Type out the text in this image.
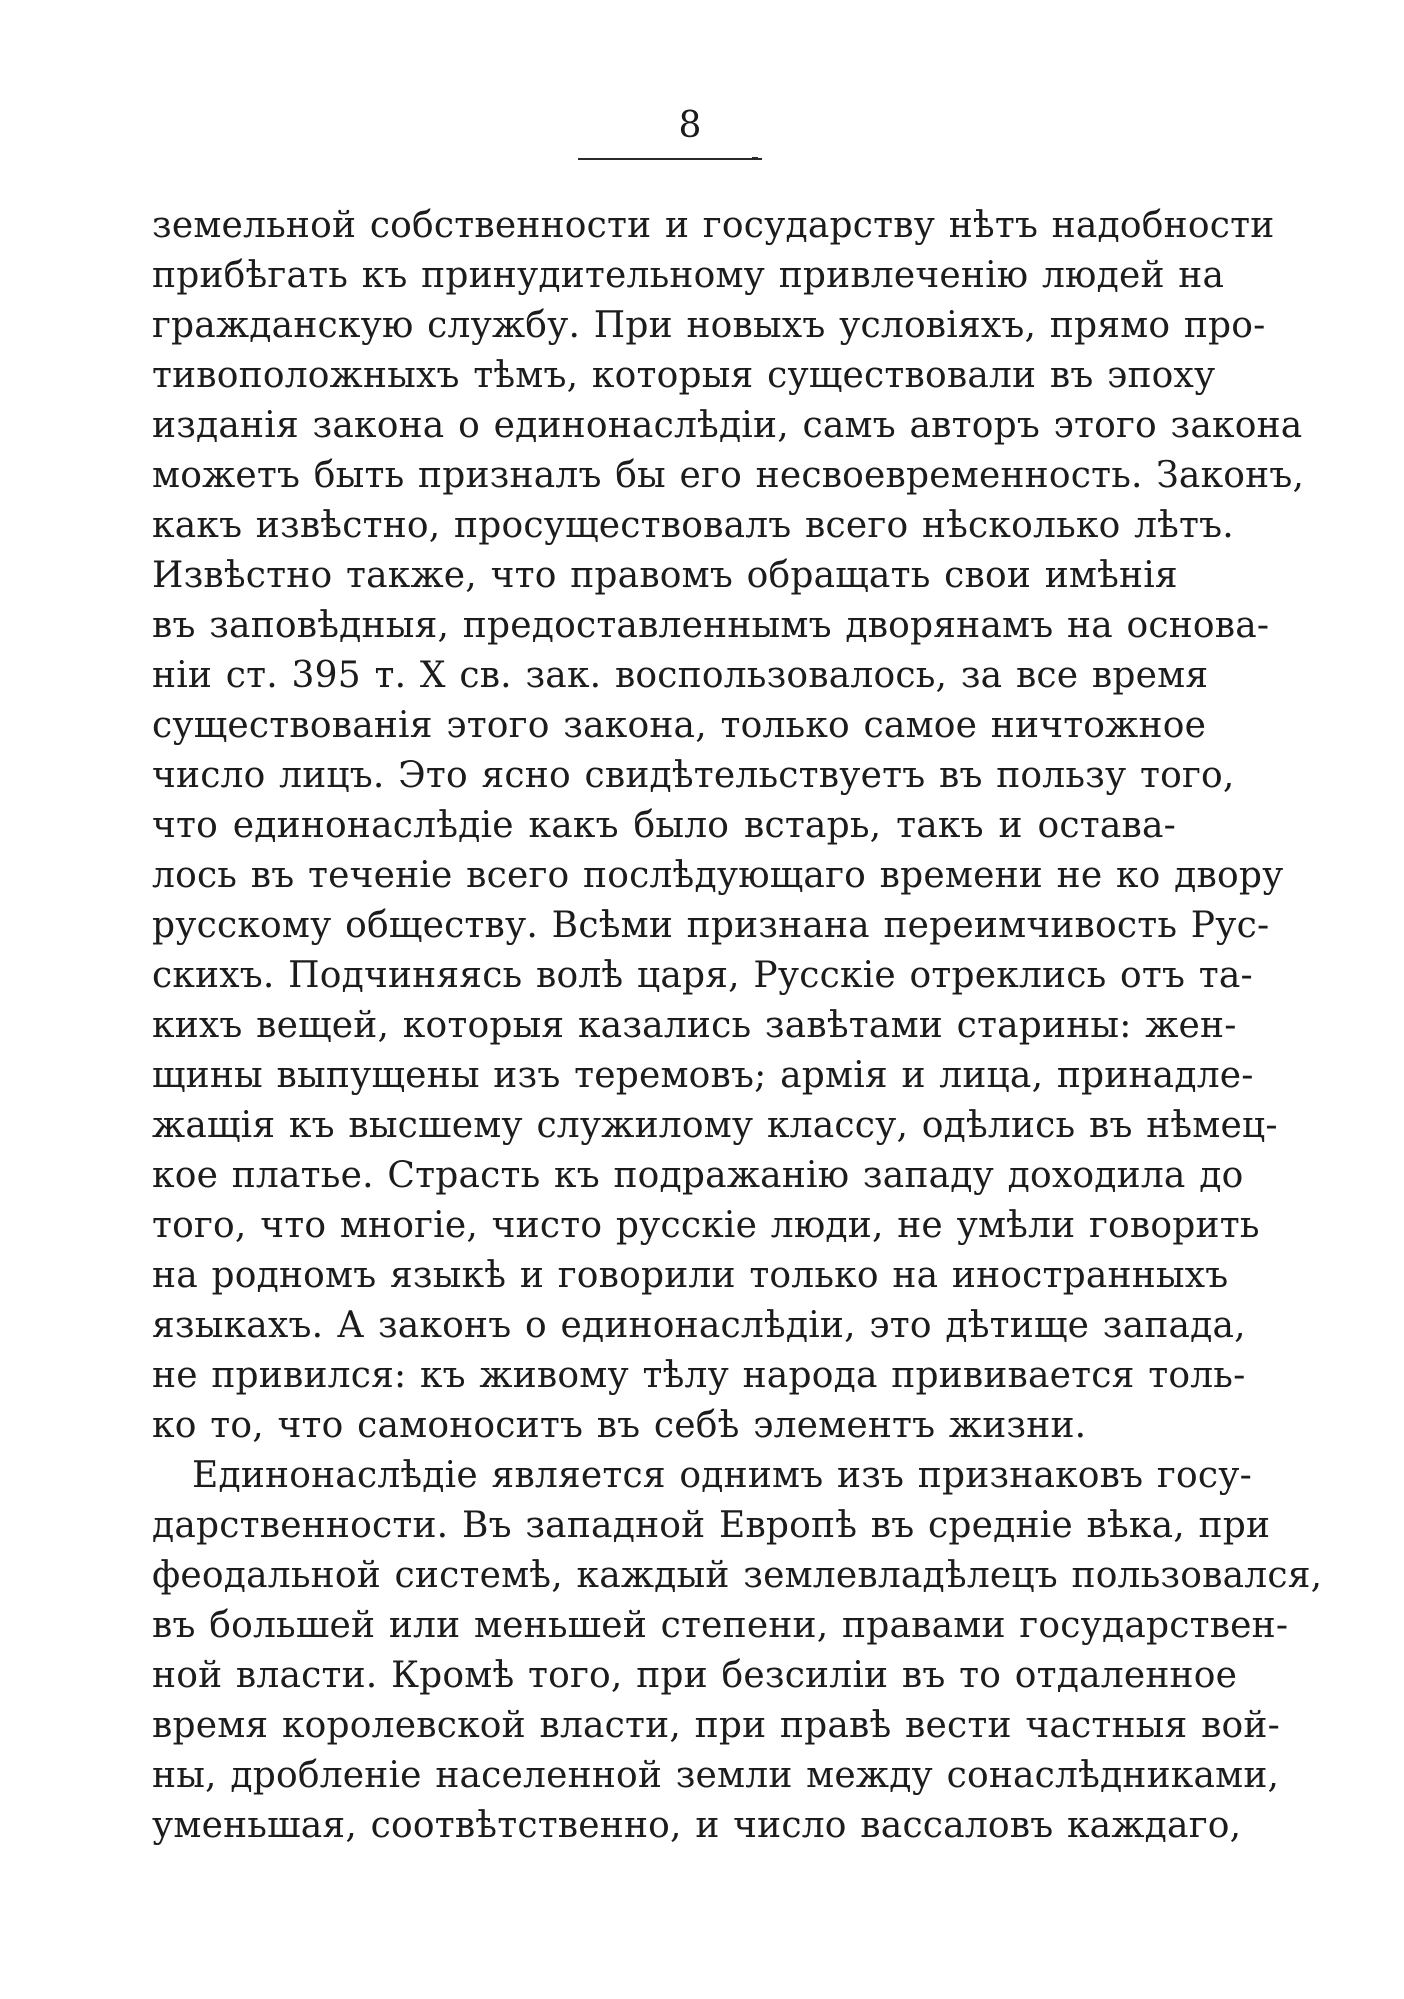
8
земельной собственности и государству нѣтъ надобности
прибѣгать къ принудительному привлеченію людей на
гражданскую службу. При новыхъ условіяхъ, прямо про-
тивоположныхъ тѣмъ, которыя существовали въ эпоху
изданія закона о единонаслѣдіи, самъ авторъ этого закона
можетъ быть призналъ бы его несвоевременность. Законъ,
какъ извѣстно, просуществовалъ всего нѣсколько лѣтъ.
Извѣстно также, что правомъ обращать свои имѣнія
въ заповѣдныя, предоставленнымъ дворянамъ на основа-
ніи ст. 395 т. X св. зак. воспользовалось, за все время
существованія этого закона, только самое ничтожное
число лицъ. Это ясно свидѣтельствуетъ въ пользу того,
что единонаслѣдіе какъ было встарь, такъ и остава-
лось въ теченіе всего послѣдующаго времени не ко двору
русскому обществу. Всѣми признана переимчивость Рус-
скихъ. Подчиняясь волѣ царя, Русскіе отреклись отъ та-
кихъ вещей, которыя казались завѣтами старины: жен-
щины выпущены изъ теремовъ; армія и лица, принадле-
жащія къ высшему служилому классу, одѣлись въ нѣмец-
кое платье. Страсть къ подражанію западу доходила до
того, что многіе, чисто русскіе люди, не умѣли говорить
на родномъ языкѣ и говорили только на иностранныхъ
языкахъ. А законъ о единонаслѣдіи, это дѣтище запада,
не привился: къ живому тѣлу народа прививается толь-
ко то, что самоноситъ въ себѣ элементъ жизни.
Единонаслѣдіе является однимъ изъ признаковъ госу-
дарственности. Въ западной Европѣ въ средніе вѣка, при
феодальной системѣ, каждый землевладѣлецъ пользовался,
въ большей или меньшей степени, правами государствен-
ной власти. Кромѣ того, при безсиліи въ то отдаленное
время королевской власти, при правѣ вести частныя вой-
ны, дробленіе населенной земли между сонаслѣдниками,
уменьшая, соотвѣтственно, и число вассаловъ каждаго,
